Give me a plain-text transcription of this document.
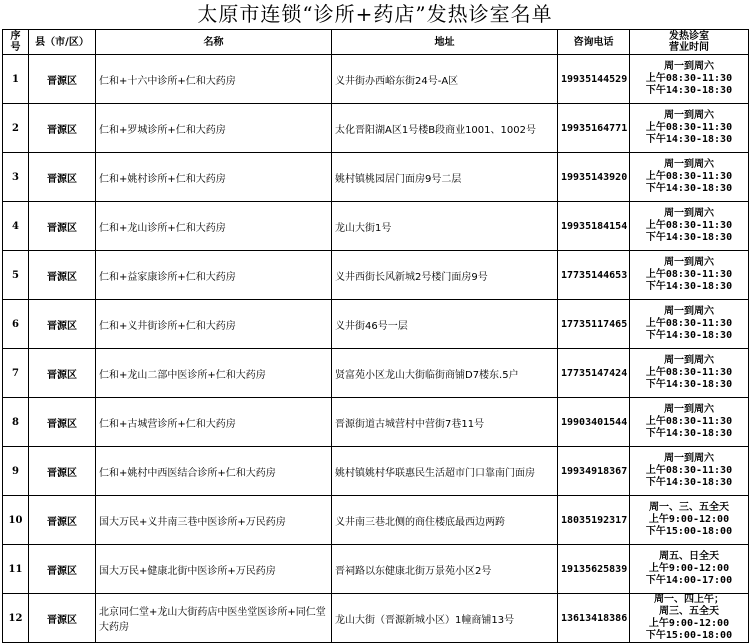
太原市连锁“诊所+药店”发热诊室名单
序号	县（市/区）	名称	地址	咨询电话	发热诊室
营业时间

1	晋源区	仁和+十六中诊所+仁和大药房	义井街办西峪东街24号-A区	19935144529	周一到周六
上午08:30-11:30
下午14:30-18:30

2	晋源区	仁和+罗城诊所+仁和大药房	太化晋阳湖A区1号楼B段商业1001、1002号	19935164771	周一到周六
上午08:30-11:30
下午14:30-18:30

3	晋源区	仁和+姚村诊所+仁和大药房	姚村镇桃园居门面房9号二层	19935143920	周一到周六
上午08:30-11:30
下午14:30-18:30

4	晋源区	仁和+龙山诊所+仁和大药房	龙山大街1号	19935184154	周一到周六
上午08:30-11:30
下午14:30-18:30

5	晋源区	仁和+益家康诊所+仁和大药房	义井西街长风新城2号楼门面房9号	17735144653	周一到周六
上午08:30-11:30
下午14:30-18:30

6	晋源区	仁和+义井街诊所+仁和大药房	义井街46号一层	17735117465	周一到周六
上午08:30-11:30
下午14:30-18:30

7	晋源区	仁和+龙山二部中医诊所+仁和大药房	贤富苑小区龙山大街临街商铺D7楼东.5户	17735147424	周一到周六
上午08:30-11:30
下午14:30-18:30

8	晋源区	仁和+古城营诊所+仁和大药房	晋源街道古城营村中营街7巷11号	19903401544	周一到周六
上午08:30-11:30
下午14:30-18:30

9	晋源区	仁和+姚村中西医结合诊所+仁和大药房	姚村镇姚村华联惠民生活超市门口靠南门面房	19934918367	周一到周六
上午08:30-11:30
下午14:30-18:30

10	晋源区	国大万民+义井南三巷中医诊所+万民药房	义井南三巷北侧的商住楼底最西边两跨	18035192317	周一、三、五全天
上午9:00-12:00
下午15:00-18:00

11	晋源区	国大万民+健康北街中医诊所+万民药房	晋祠路以东健康北街万景苑小区2号	19135625839	周五、日全天
上午9:00-12:00
下午14:00-17:00

12	晋源区	北京同仁堂+龙山大街药店中医坐堂医诊所+同仁堂大药房	龙山大街（晋源新城小区）1幢商铺13号	13613418386	周一、四上午；
周三、五全天
上午9:00-12:00
下午15:00-18:00
